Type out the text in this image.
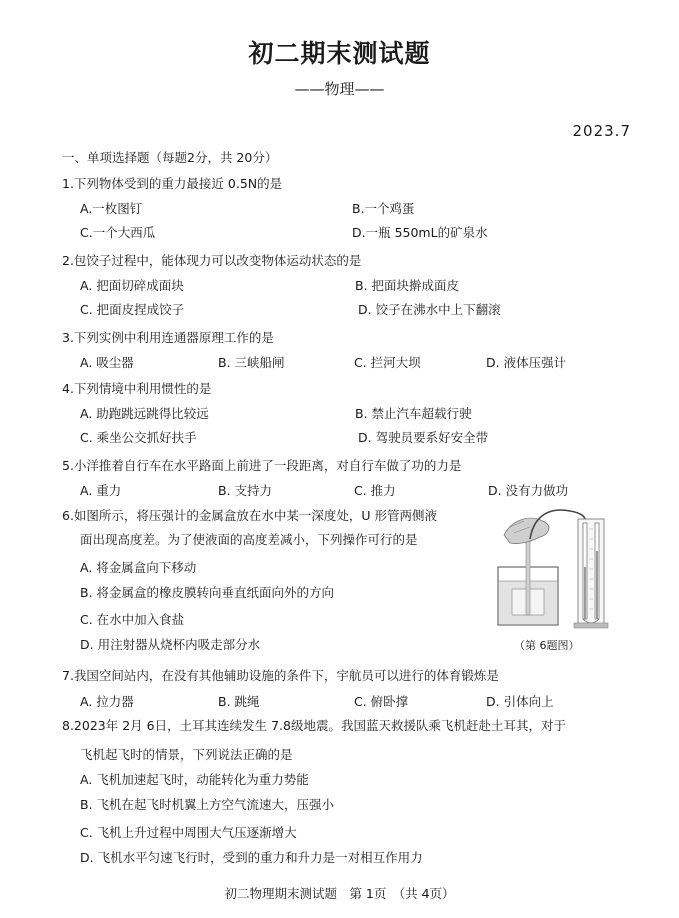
初二期末测试题
——物理——
2023.7
一、单项选择题（每题2分，共 20分）
1.下列物体受到的重力最接近 0.5N的是
A.一枚图钉	B.一个鸡蛋
C.一个大西瓜	D.一瓶 550mL的矿泉水
2.包饺子过程中，能体现力可以改变物体运动状态的是
A. 把面切碎成面块	B. 把面块擀成面皮
C. 把面皮捏成饺子	D. 饺子在沸水中上下翻滚
3.下列实例中利用连通器原理工作的是
A. 吸尘器	B. 三峡船闸	C. 拦河大坝	D. 液体压强计
4.下列情境中利用惯性的是
A. 助跑跳远跳得比较远	B. 禁止汽车超载行驶
C. 乘坐公交抓好扶手	D. 驾驶员要系好安全带
5.小洋推着自行车在水平路面上前进了一段距离，对自行车做了功的力是
A. 重力	B. 支持力	C. 推力	D. 没有力做功
6.如图所示，将压强计的金属盒放在水中某一深度处，U 形管两侧液
面出现高度差。为了使液面的高度差减小，下列操作可行的是
A. 将金属盒向下移动
B. 将金属盒的橡皮膜转向垂直纸面向外的方向
C. 在水中加入食盐
D. 用注射器从烧杯内吸走部分水	（第 6题图）
7.我国空间站内，在没有其他辅助设施的条件下，宇航员可以进行的体育锻炼是
A. 拉力器	B. 跳绳	C. 俯卧撑	D. 引体向上
8.2023年 2月 6日，土耳其连续发生 7.8级地震。我国蓝天救援队乘飞机赶赴土耳其，对于
飞机起飞时的情景，下列说法正确的是
A. 飞机加速起飞时，动能转化为重力势能
B. 飞机在起飞时机翼上方空气流速大，压强小
C. 飞机上升过程中周围大气压逐渐增大
D. 飞机水平匀速飞行时，受到的重力和升力是一对相互作用力
初二物理期末测试题　第 1页　（共 4页）
